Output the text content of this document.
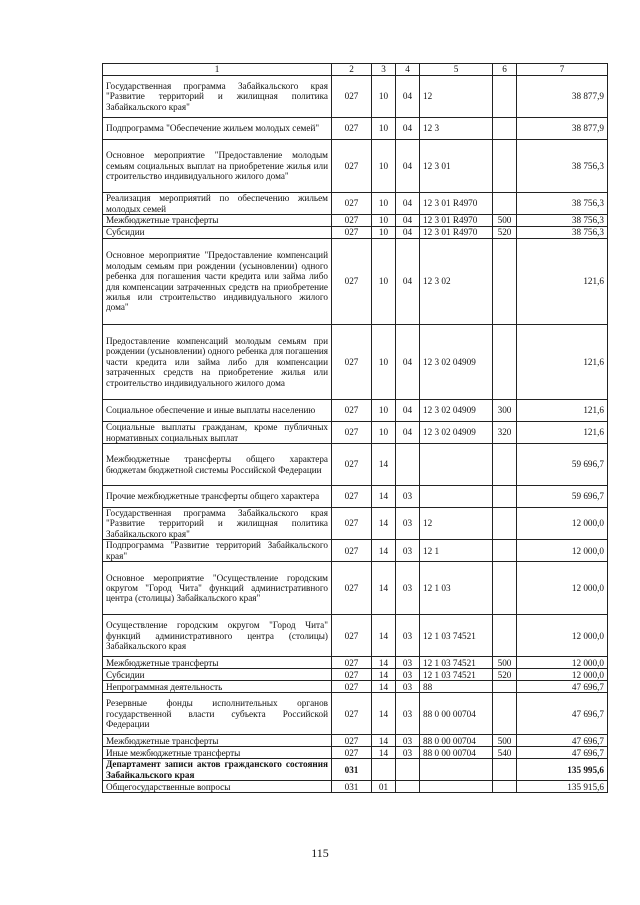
1	2	3	4	5	6	7
Государственная программа Забайкальского края "Развитие территорий и жилищная политика Забайкальского края"	027	10	04	12		38 877,9
Подпрограмма "Обеспечение жильем молодых семей"	027	10	04	12 3		38 877,9
Основное мероприятие "Предоставление молодым семьям социальных выплат на приобретение жилья или строительство индивидуального жилого дома"	027	10	04	12 3 01		38 756,3
Реализация мероприятий по обеспечению жильем молодых семей	027	10	04	12 3 01 R4970		38 756,3
Межбюджетные трансферты	027	10	04	12 3 01 R4970	500	38 756,3
Субсидии	027	10	04	12 3 01 R4970	520	38 756,3
Основное мероприятие "Предоставление компенсаций молодым семьям при рождении (усыновлении) одного ребенка для погашения части кредита или займа либо для компенсации затраченных средств на приобретение жилья или строительство индивидуального жилого дома"	027	10	04	12 3 02		121,6
Предоставление компенсаций молодым семьям при рождении (усыновлении) одного ребенка для погашения части кредита или займа либо для компенсации затраченных средств на приобретение жилья или строительство индивидуального жилого дома	027	10	04	12 3 02 04909		121,6
Социальное обеспечение и иные выплаты населению	027	10	04	12 3 02 04909	300	121,6
Социальные выплаты гражданам, кроме публичных нормативных социальных выплат	027	10	04	12 3 02 04909	320	121,6
Межбюджетные трансферты общего характера бюджетам бюджетной системы Российской Федерации	027	14				59 696,7
Прочие межбюджетные трансферты общего характера	027	14	03			59 696,7
Государственная программа Забайкальского края "Развитие территорий и жилищная политика Забайкальского края"	027	14	03	12		12 000,0
Подпрограмма "Развитие территорий Забайкальского края"	027	14	03	12 1		12 000,0
Основное мероприятие "Осуществление городским округом "Город Чита" функций административного центра (столицы) Забайкальского края"	027	14	03	12 1 03		12 000,0
Осуществление городским округом "Город Чита" функций административного центра (столицы) Забайкальского края	027	14	03	12 1 03 74521		12 000,0
Межбюджетные трансферты	027	14	03	12 1 03 74521	500	12 000,0
Субсидии	027	14	03	12 1 03 74521	520	12 000,0
Непрограммная деятельность	027	14	03	88		47 696,7
Резервные фонды исполнительных органов государственной власти субъекта Российской Федерации	027	14	03	88 0 00 00704		47 696,7
Межбюджетные трансферты	027	14	03	88 0 00 00704	500	47 696,7
Иные межбюджетные трансферты	027	14	03	88 0 00 00704	540	47 696,7
Департамент записи актов гражданского состояния Забайкальского края	031					135 995,6
Общегосударственные вопросы	031	01				135 915,6
115
